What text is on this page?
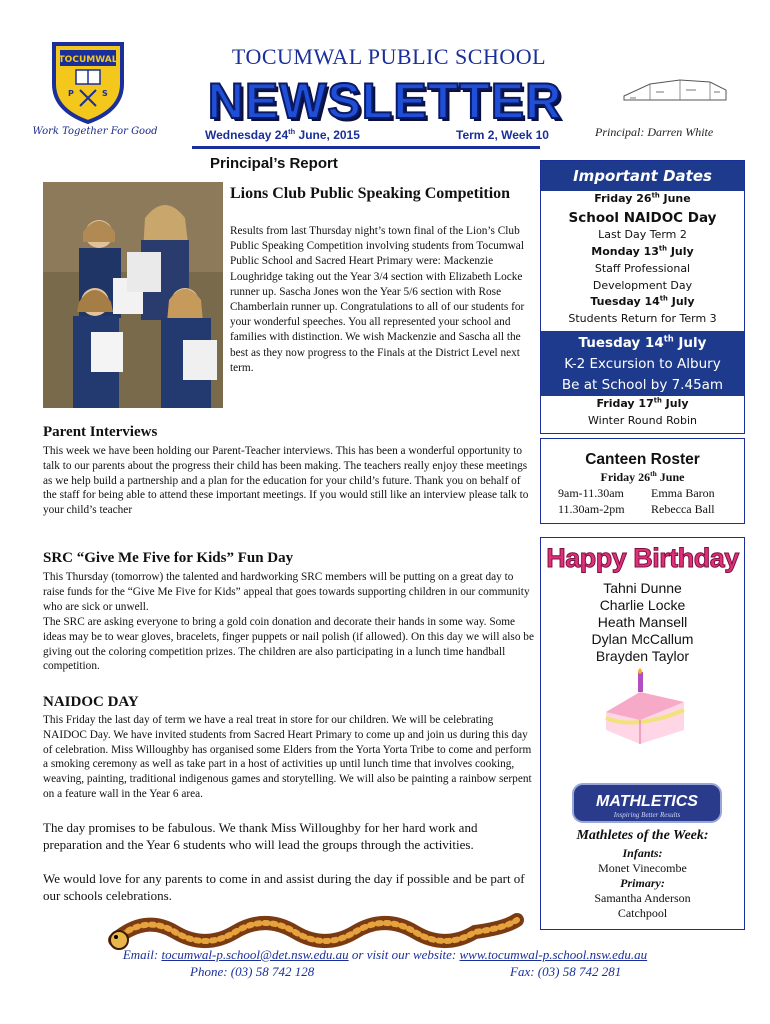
TOCUMWAL
P	S
Work Together For Good
TOCUMWAL PUBLIC SCHOOL
NEWSLETTER
Wednesday 24th June, 2015	Term 2, Week 10	Principal: Darren White
Principal’s Report
Lions Club Public Speaking Competition
Results from last Thursday night’s town final of the Lion’s Club Public Speaking Competition involving students from Tocumwal Public School and Sacred Heart Primary were: Mackenzie Loughridge taking out the Year 3/4 section with Elizabeth Locke runner up. Sascha Jones won the Year 5/6 section with Rose Chamberlain runner up. Congratulations to all of our students for your wonderful speeches. You all represented your school and families with distinction. We wish Mackenzie and Sascha all the best as they now progress to the Finals at the District Level next term.
Parent Interviews
This week we have been holding our Parent-Teacher interviews. This has been a wonderful opportunity to talk to our parents about the progress their child has been making. The teachers really enjoy these meetings as we help build a partnership and a plan for the education for your child’s future. Thank you on behalf of the staff for being able to attend these important meetings. If you would still like an interview please talk to your child’s teacher
SRC “Give Me Five for Kids” Fun Day
This Thursday (tomorrow) the talented and hardworking SRC members will be putting on a great day to raise funds for the “Give Me Five for Kids” appeal that goes towards supporting children in our community who are sick or unwell.
The SRC are asking everyone to bring a gold coin donation and decorate their hands in some way. Some ideas may be to wear gloves, bracelets, finger puppets or nail polish (if allowed). On this day we will also be giving out the coloring competition prizes. The children are also participating in a lunch time handball competition.
NAIDOC DAY
This Friday the last day of term we have a real treat in store for our children. We will be celebrating NAIDOC Day. We have invited students from Sacred Heart Primary to come up and join us during this day of celebration. Miss Willoughby has organised some Elders from the Yorta Yorta Tribe to come and perform a smoking ceremony as well as take part in a host of activities up until lunch time that involves cooking, weaving, painting, traditional indigenous games and storytelling. We will also be painting a rainbow serpent on a feature wall in the Year 6 area.
The day promises to be fabulous. We thank Miss Willoughby for her hard work and preparation and the Year 6 students who will lead the groups through the activities.
We would love for any parents to come in and assist during the day if possible and be part of our schools celebrations.
Important Dates
Friday 26th June
School NAIDOC Day
Last Day Term 2
Monday 13th July
Staff Professional
Development Day
Tuesday 14th July
Students Return for Term 3
Tuesday 14th July
K-2 Excursion to Albury
Be at School by 7.45am
Friday 17th July
Winter Round Robin
Canteen Roster
Friday 26th June
9am-11.30am Emma Baron
11.30am-2pm Rebecca Ball
Happy Birthday
Tahni Dunne
Charlie Locke
Heath Mansell
Dylan McCallum
Brayden Taylor
MATHLETICS
Inspiring Better Results
Mathletes of the Week:
Infants:
Monet Vinecombe
Primary:
Samantha Anderson
Catchpool
Email: tocumwal-p.school@det.nsw.edu.au or visit our website: www.tocumwal-p.school.nsw.edu.au
Phone: (03) 58 742 128	Fax: (03) 58 742 281
